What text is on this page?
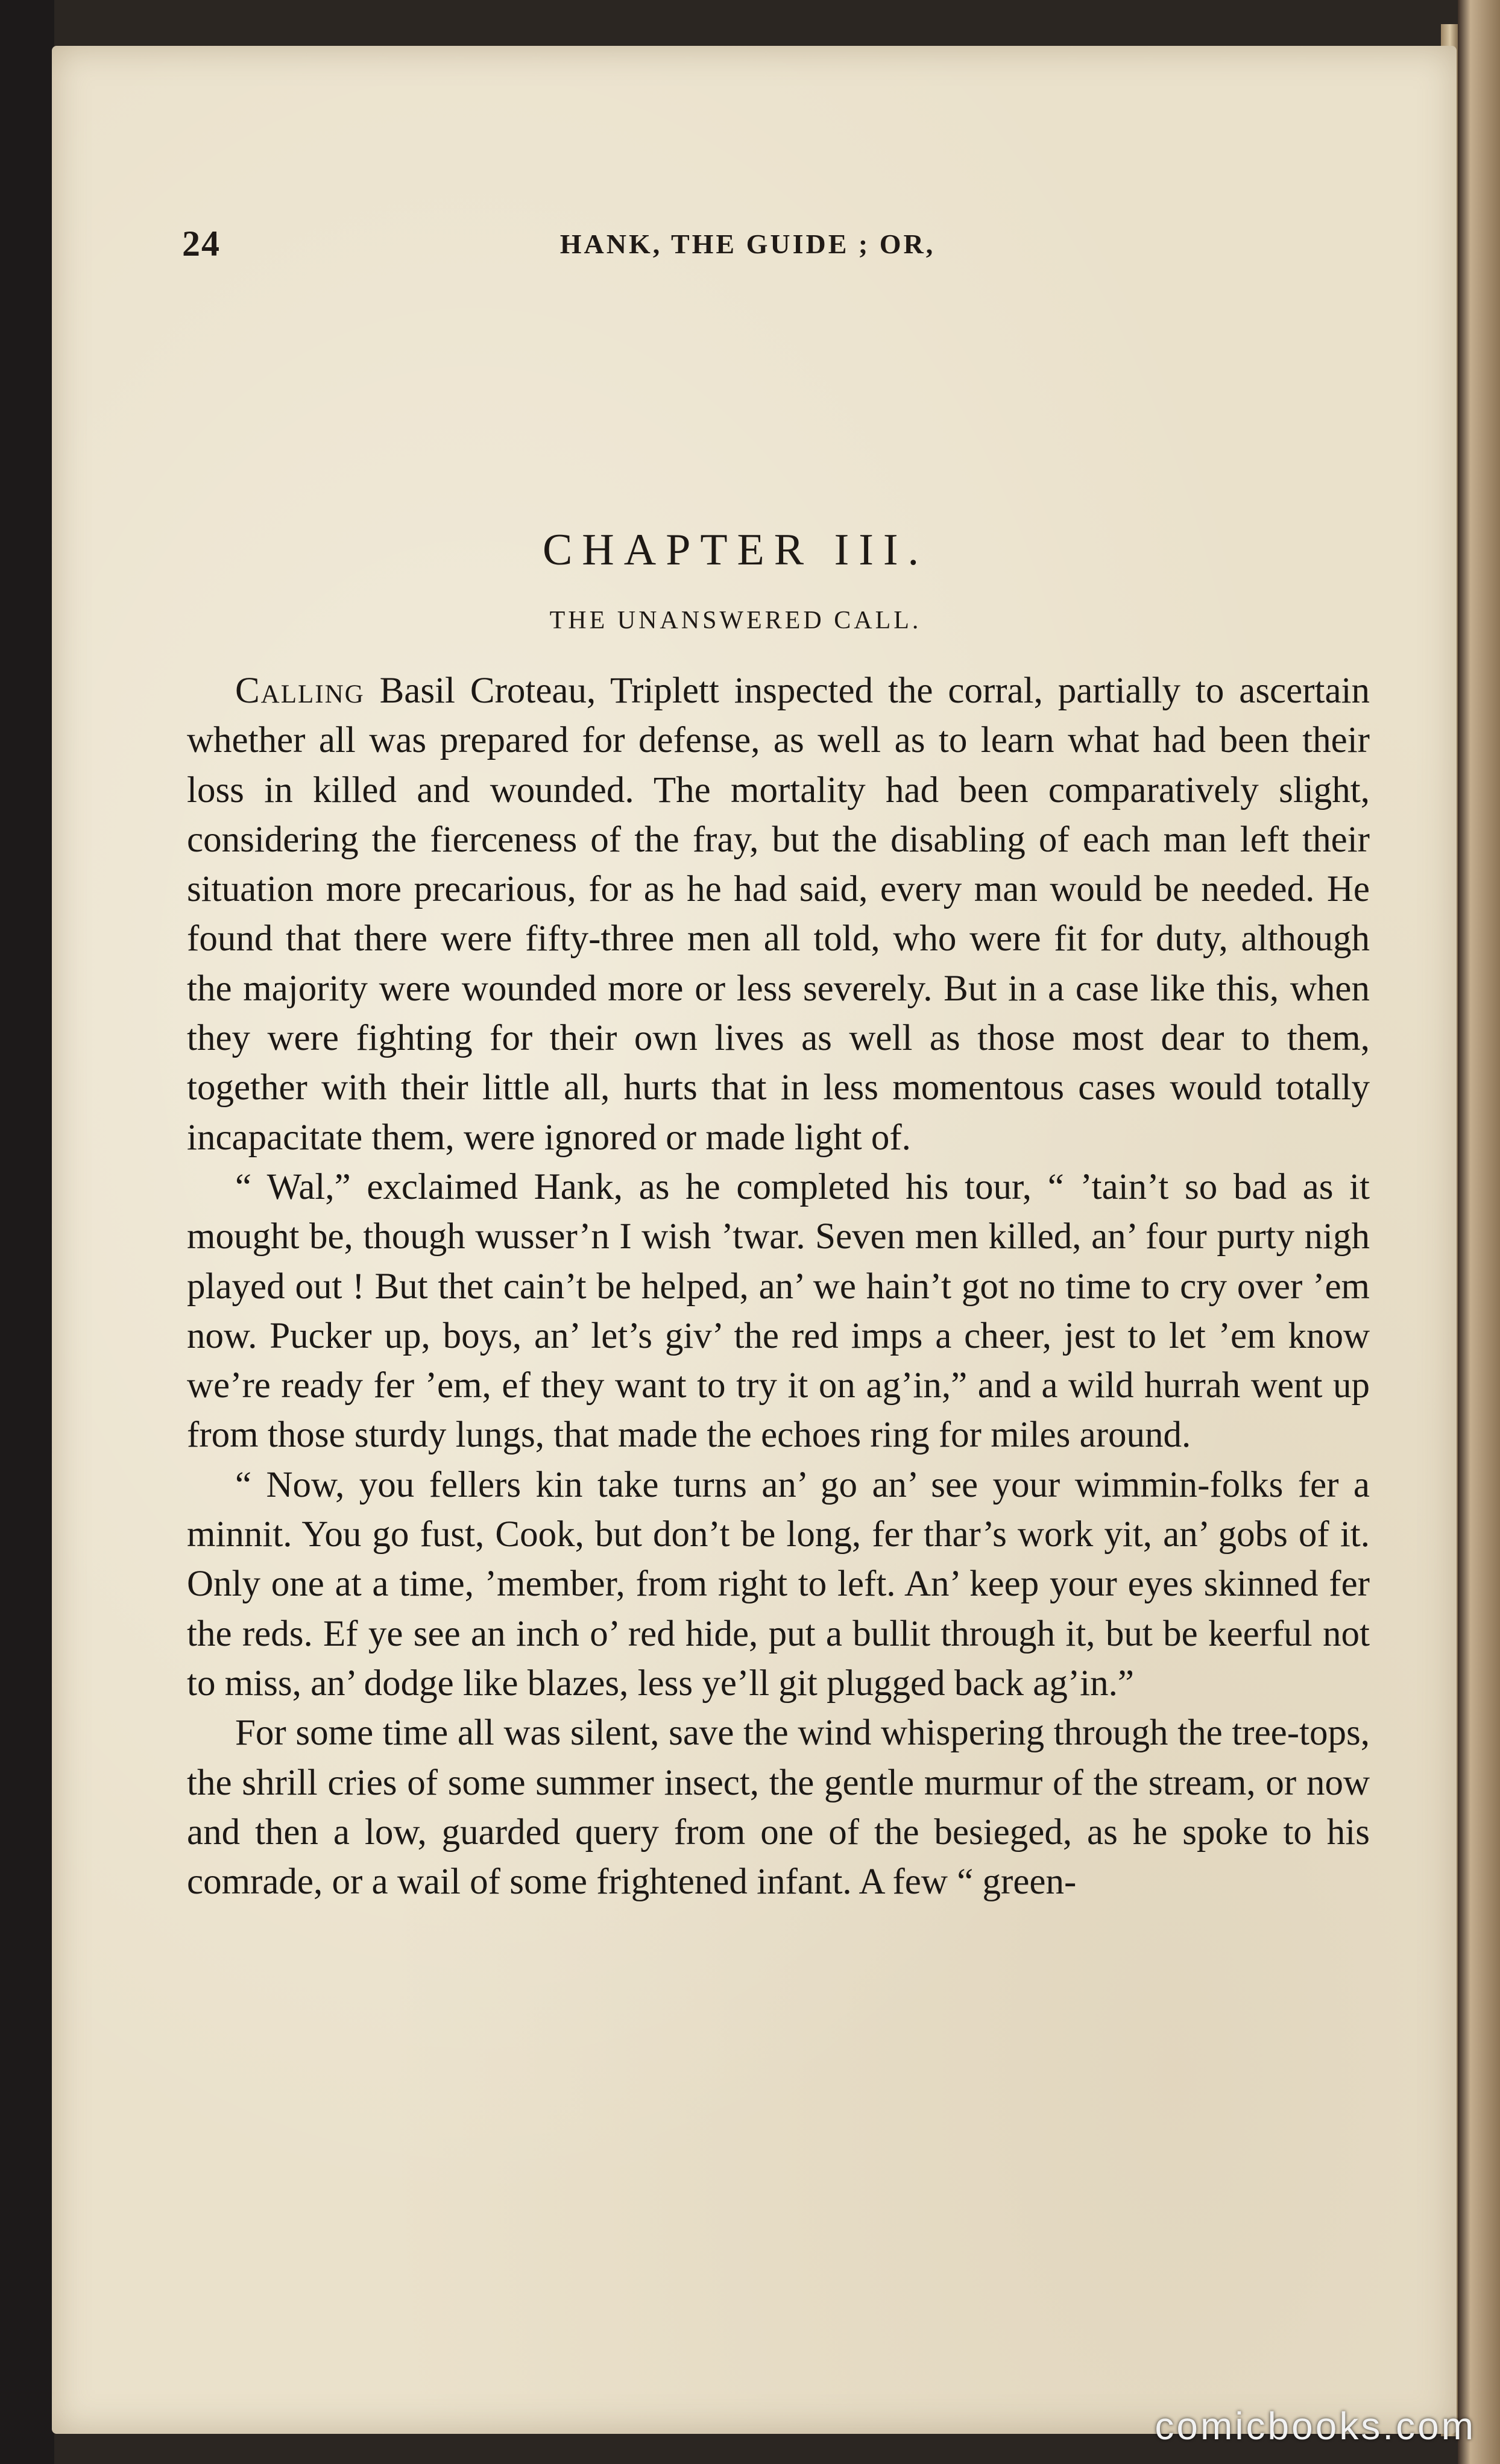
24	HANK, THE GUIDE ; OR,
CHAPTER III.
THE UNANSWERED CALL.

Calling Basil Croteau, Triplett inspected the corral, partially to ascertain whether all was prepared for defense, as well as to learn what had been their loss in killed and wounded. The mortality had been comparatively slight, considering the fierceness of the fray, but the disabling of each man left their situation more precarious, for as he had said, every man would be needed. He found that there were fifty-three men all told, who were fit for duty, although the majority were wounded more or less severely. But in a case like this, when they were fighting for their own lives as well as those most dear to them, together with their little all, hurts that in less momentous cases would totally incapacitate them, were ignored or made light of.

“ Wal,” exclaimed Hank, as he completed his tour, “ ’tain’t so bad as it mought be, though wusser’n I wish ’twar. Seven men killed, an’ four purty nigh played out ! But thet cain’t be helped, an’ we hain’t got no time to cry over ’em now. Pucker up, boys, an’ let’s giv’ the red imps a cheer, jest to let ’em know we’re ready fer ’em, ef they want to try it on ag’in,” and a wild hurrah went up from those sturdy lungs, that made the echoes ring for miles around.

“ Now, you fellers kin take turns an’ go an’ see your wimmin-folks fer a minnit. You go fust, Cook, but don’t be long, fer thar’s work yit, an’ gobs of it. Only one at a time, ’member, from right to left. An’ keep your eyes skinned fer the reds. Ef ye see an inch o’ red hide, put a bullit through it, but be keerful not to miss, an’ dodge like blazes, less ye’ll git plugged back ag’in.”

For some time all was silent, save the wind whispering through the tree-tops, the shrill cries of some summer insect, the gentle murmur of the stream, or now and then a low, guarded query from one of the besieged, as he spoke to his comrade, or a wail of some frightened infant. A few “ green-

comicbooks.com
